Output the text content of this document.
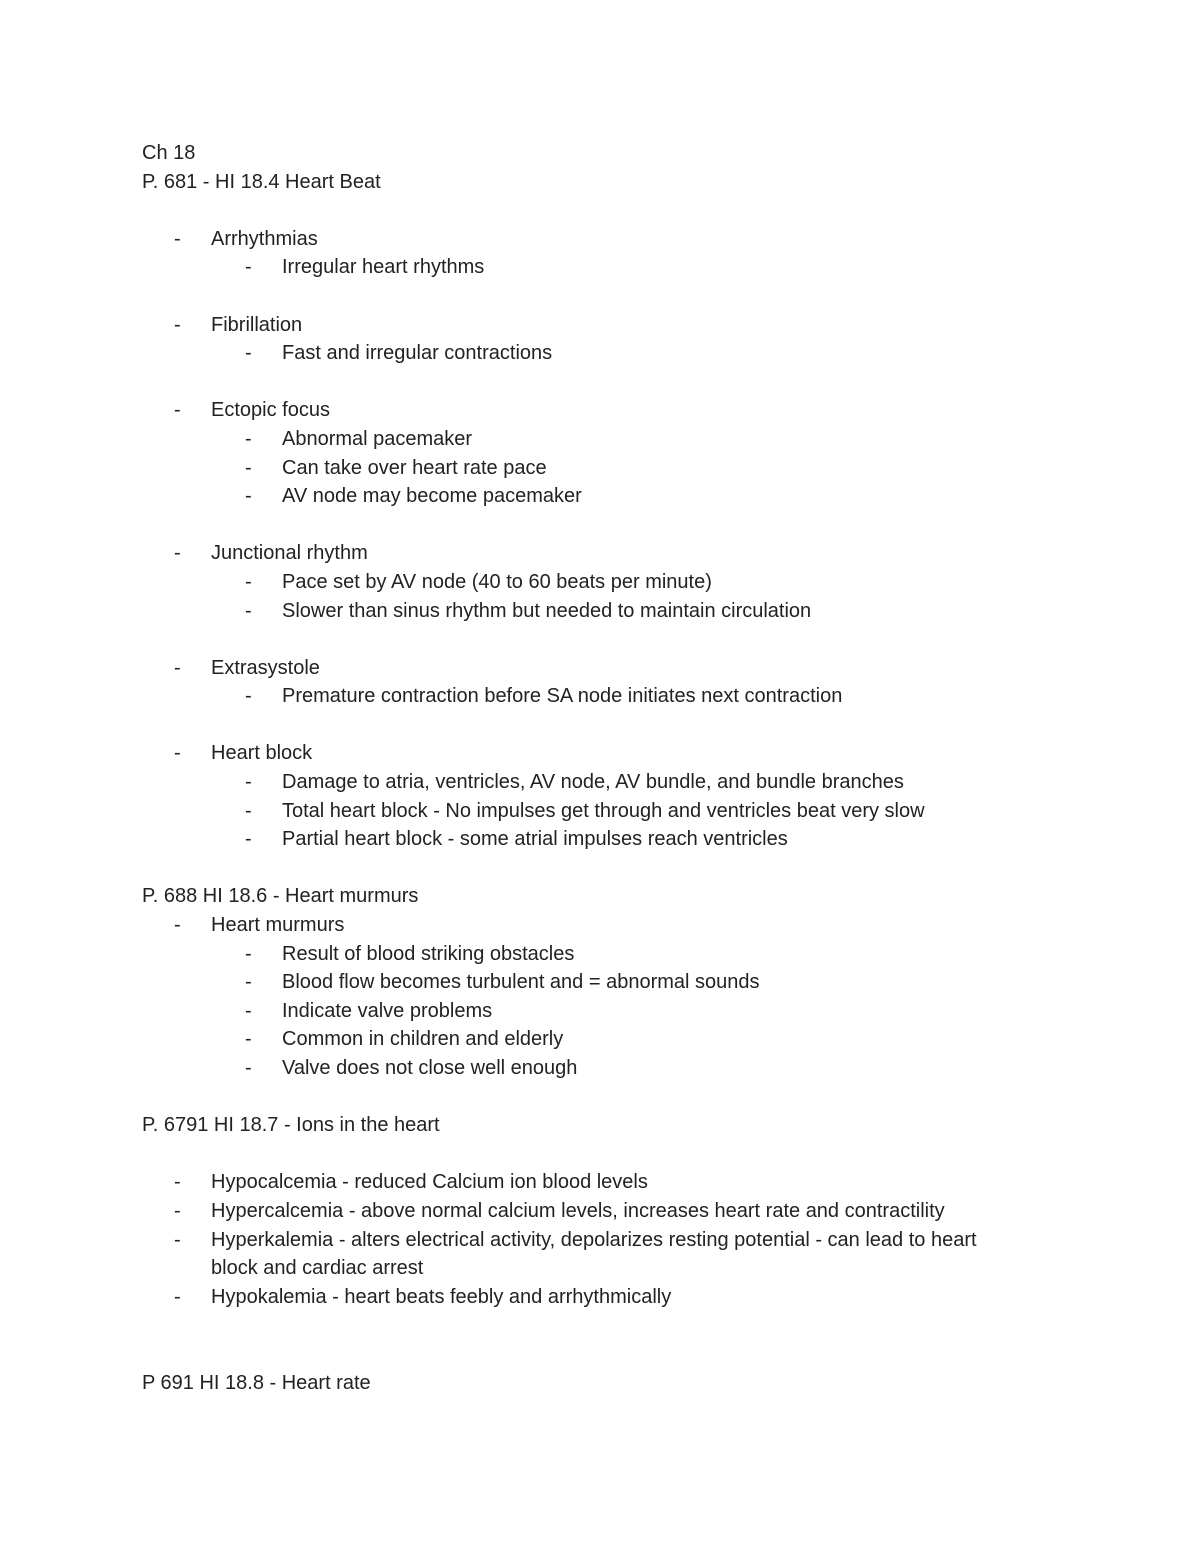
Ch 18
P. 681 - HI 18.4 Heart Beat
-	Arrhythmias
-	Irregular heart rhythms
-	Fibrillation
-	Fast and irregular contractions
-	Ectopic focus
-	Abnormal pacemaker
-	Can take over heart rate pace
-	AV node may become pacemaker
-	Junctional rhythm
-	Pace set by AV node (40 to 60 beats per minute)
-	Slower than sinus rhythm but needed to maintain circulation
-	Extrasystole
-	Premature contraction before SA node initiates next contraction
-	Heart block
-	Damage to atria, ventricles, AV node, AV bundle, and bundle branches
-	Total heart block - No impulses get through and ventricles beat very slow
-	Partial heart block - some atrial impulses reach ventricles
P. 688 HI 18.6 - Heart murmurs
-	Heart murmurs
-	Result of blood striking obstacles
-	Blood flow becomes turbulent and = abnormal sounds
-	Indicate valve problems
-	Common in children and elderly
-	Valve does not close well enough
P. 6791 HI 18.7 - Ions in the heart
-	Hypocalcemia - reduced Calcium ion blood levels
-	Hypercalcemia - above normal calcium levels, increases heart rate and contractility
-	Hyperkalemia - alters electrical activity, depolarizes resting potential - can lead to heart
block and cardiac arrest
-	Hypokalemia - heart beats feebly and arrhythmically
P 691 HI 18.8 - Heart rate
